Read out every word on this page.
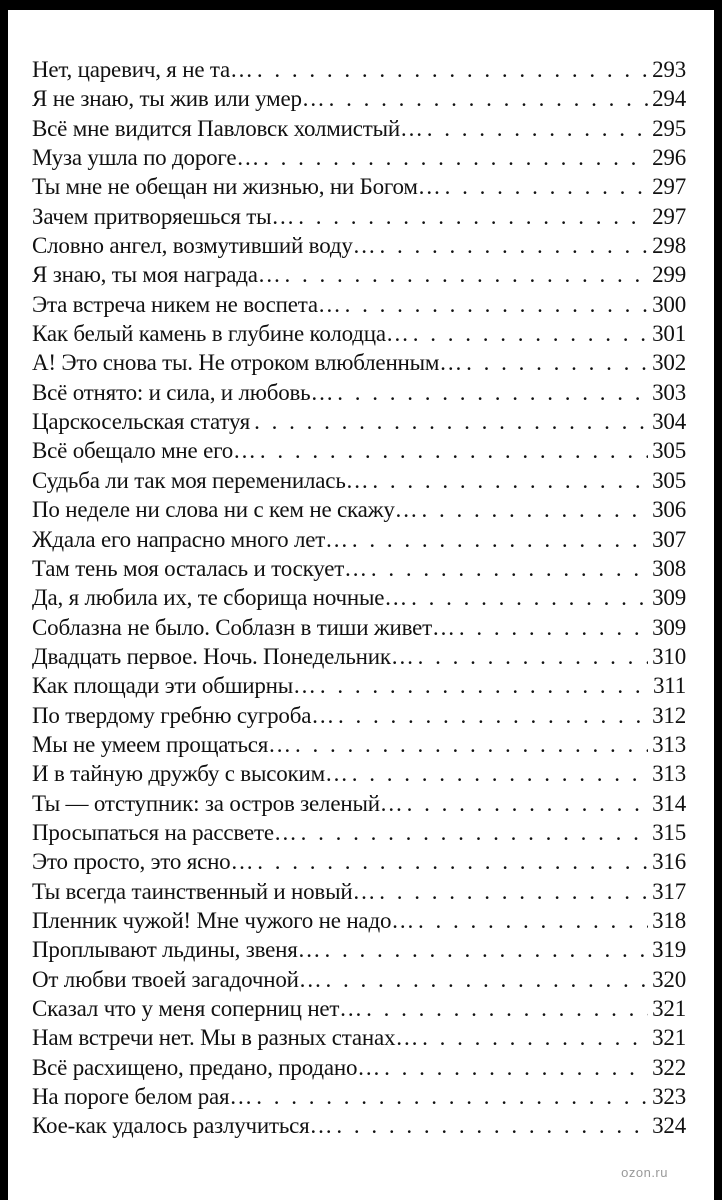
Нет, царевич, я не та… . . .	293
Я не знаю, ты жив или умер… . . .	294
Всё мне видится Павловск холмистый… . . .	295
Муза ушла по дороге… . . .	296
Ты мне не обещан ни жизнью, ни Богом… . . .	297
Зачем притворяешься ты… . . .	297
Словно ангел, возмутивший воду… . . .	298
Я знаю, ты моя награда… . . .	299
Эта встреча никем не воспета… . . .	300
Как белый камень в глубине колодца… . . .	301
А! Это снова ты. Не отроком влюбленным… . . .	302
Всё отнято: и сила, и любовь… . . .	303
Царскосельская статуя . . .	304
Всё обещало мне его… . . .	305
Судьба ли так моя переменилась… . . .	305
По неделе ни слова ни с кем не скажу… . . .	306
Ждала его напрасно много лет… . . .	307
Там тень моя осталась и тоскует… . . .	308
Да, я любила их, те сборища ночные… . . .	309
Соблазна не было. Соблазн в тиши живет… . . .	309
Двадцать первое. Ночь. Понедельник… . . .	310
Как площади эти обширны… . . .	311
По твердому гребню сугроба… . . .	312
Мы не умеем прощаться… . . .	313
И в тайную дружбу с высоким… . . .	313
Ты — отступник: за остров зеленый… . . .	314
Просыпаться на рассвете… . . .	315
Это просто, это ясно… . . .	316
Ты всегда таинственный и новый… . . .	317
Пленник чужой! Мне чужого не надо… . . .	318
Проплывают льдины, звеня… . . .	319
От любви твоей загадочной… . . .	320
Сказал что у меня соперниц нет… . . .	321
Нам встречи нет. Мы в разных станах… . . .	321
Всё расхищено, предано, продано… . . .	322
На пороге белом рая… . . .	323
Кое-как удалось разлучиться… . . .	324
ozon.ru
